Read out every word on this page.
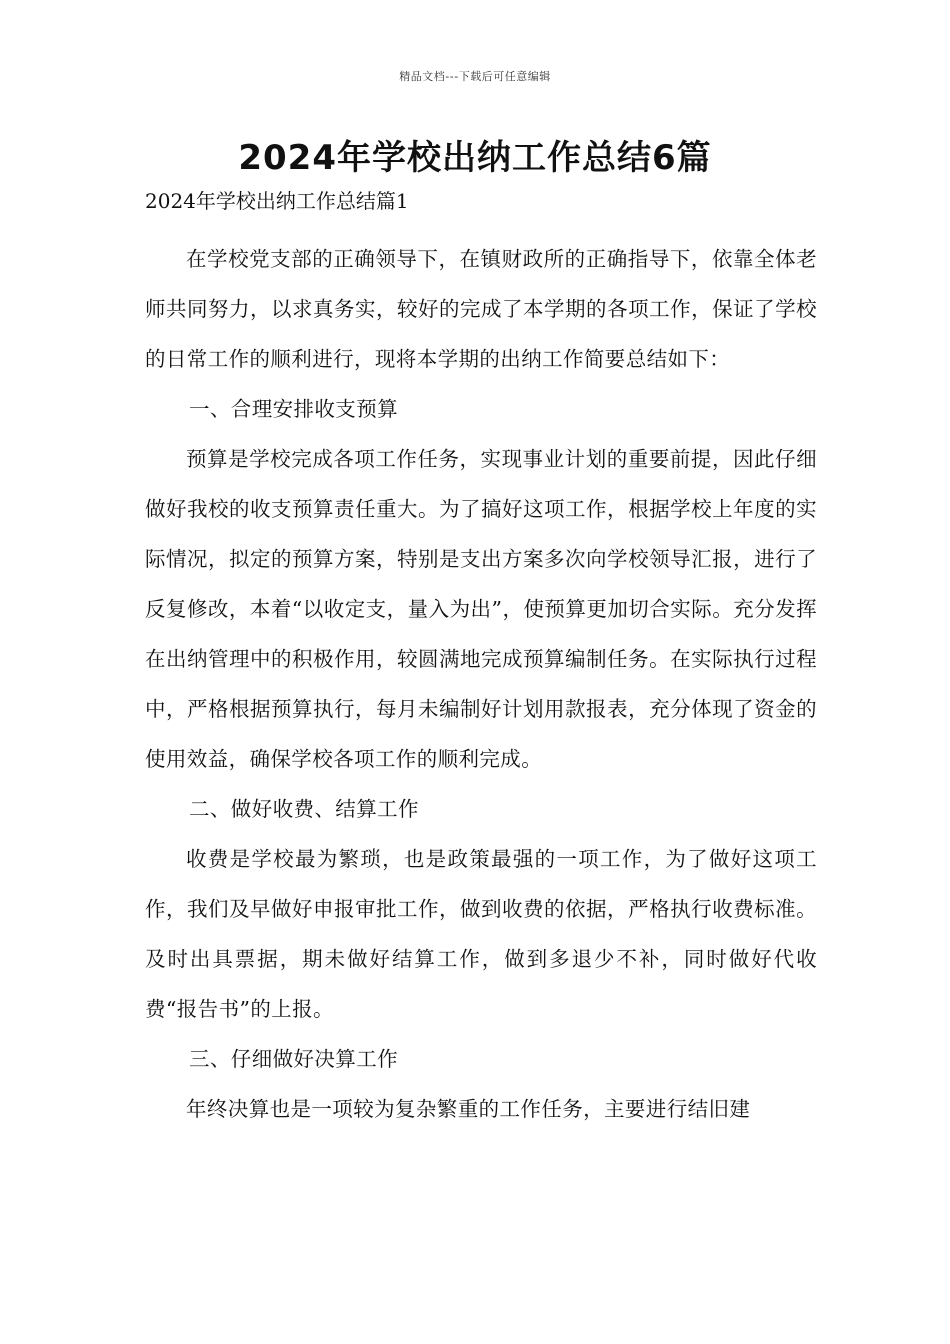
精品文档---下载后可任意编辑
2024年学校出纳工作总结6篇

2024年学校出纳工作总结篇1

在学校党支部的正确领导下，在镇财政所的正确指导下，依靠全体老师共同努力，以求真务实，较好的完成了本学期的各项工作，保证了学校的日常工作的顺利进行，现将本学期的出纳工作简要总结如下：

一、合理安排收支预算

预算是学校完成各项工作任务，实现事业计划的重要前提，因此仔细做好我校的收支预算责任重大。为了搞好这项工作，根据学校上年度的实际情况，拟定的预算方案，特别是支出方案多次向学校领导汇报，进行了反复修改，本着“以收定支，量入为出”，使预算更加切合实际。充分发挥在出纳管理中的积极作用，较圆满地完成预算编制任务。在实际执行过程中，严格根据预算执行，每月未编制好计划用款报表，充分体现了资金的使用效益，确保学校各项工作的顺利完成。

二、做好收费、结算工作

收费是学校最为繁琐，也是政策最强的一项工作，为了做好这项工作，我们及早做好申报审批工作，做到收费的依据，严格执行收费标准。及时出具票据，期未做好结算工作，做到多退少不补，同时做好代收费“报告书”的上报。

三、仔细做好决算工作

年终决算也是一项较为复杂繁重的工作任务，主要进行结旧建
